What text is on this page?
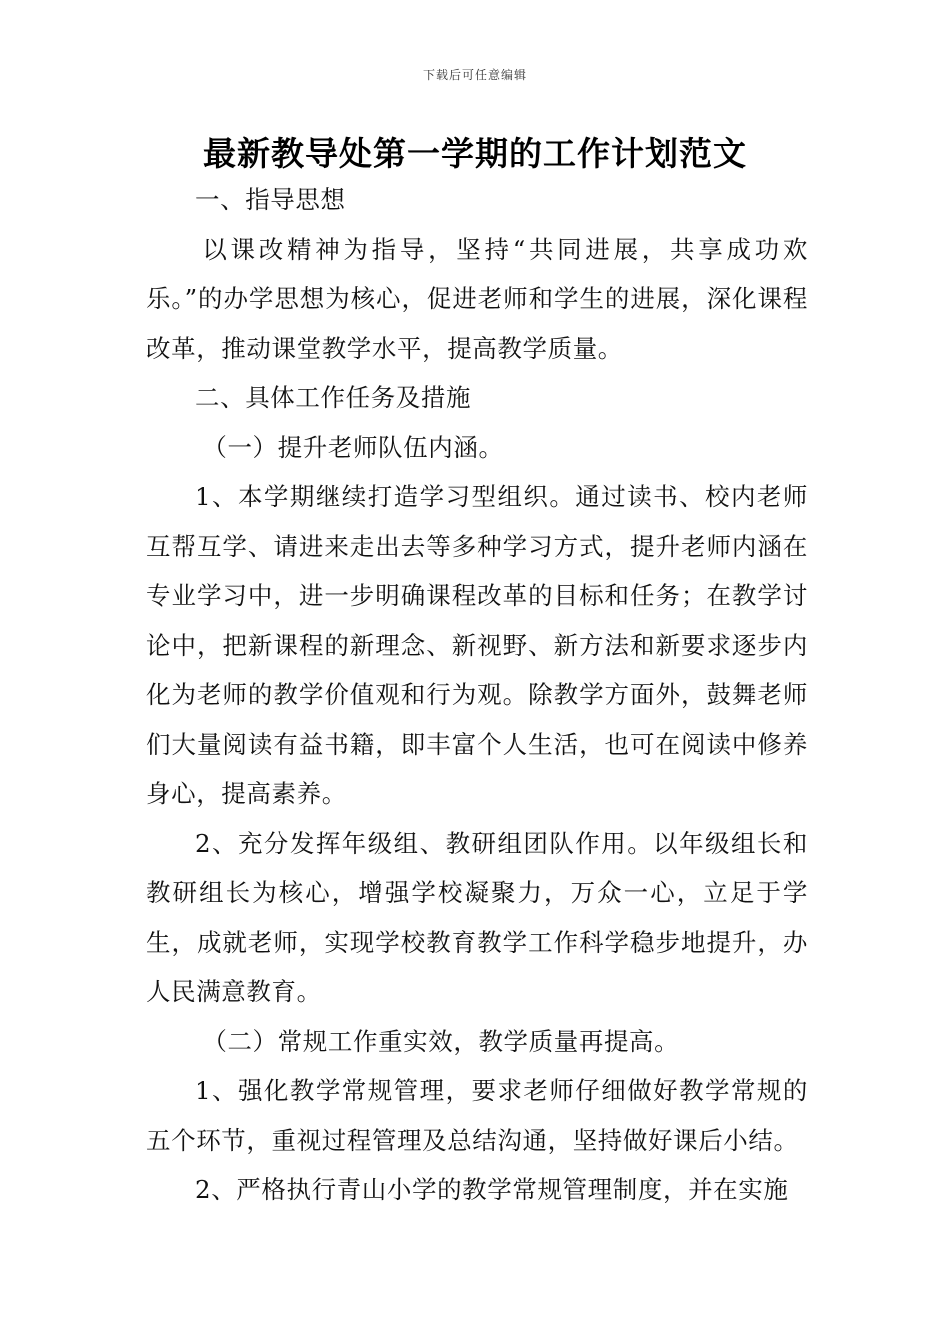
下载后可任意编辑
最新教导处第一学期的工作计划范文

一、指导思想

以课改精神为指导，坚持“共同进展，共享成功欢乐。”的办学思想为核心，促进老师和学生的进展，深化课程改革，推动课堂教学水平，提高教学质量。

二、具体工作任务及措施

（一）提升老师队伍内涵。

1、本学期继续打造学习型组织。通过读书、校内老师互帮互学、请进来走出去等多种学习方式，提升老师内涵在专业学习中，进一步明确课程改革的目标和任务；在教学讨论中，把新课程的新理念、新视野、新方法和新要求逐步内化为老师的教学价值观和行为观。除教学方面外，鼓舞老师们大量阅读有益书籍，即丰富个人生活，也可在阅读中修养身心，提高素养。

2、充分发挥年级组、教研组团队作用。以年级组长和教研组长为核心，增强学校凝聚力，万众一心，立足于学生，成就老师，实现学校教育教学工作科学稳步地提升，办人民满意教育。

（二）常规工作重实效，教学质量再提高。

1、强化教学常规管理，要求老师仔细做好教学常规的五个环节，重视过程管理及总结沟通，坚持做好课后小结。

2、严格执行青山小学的教学常规管理制度，并在实施
